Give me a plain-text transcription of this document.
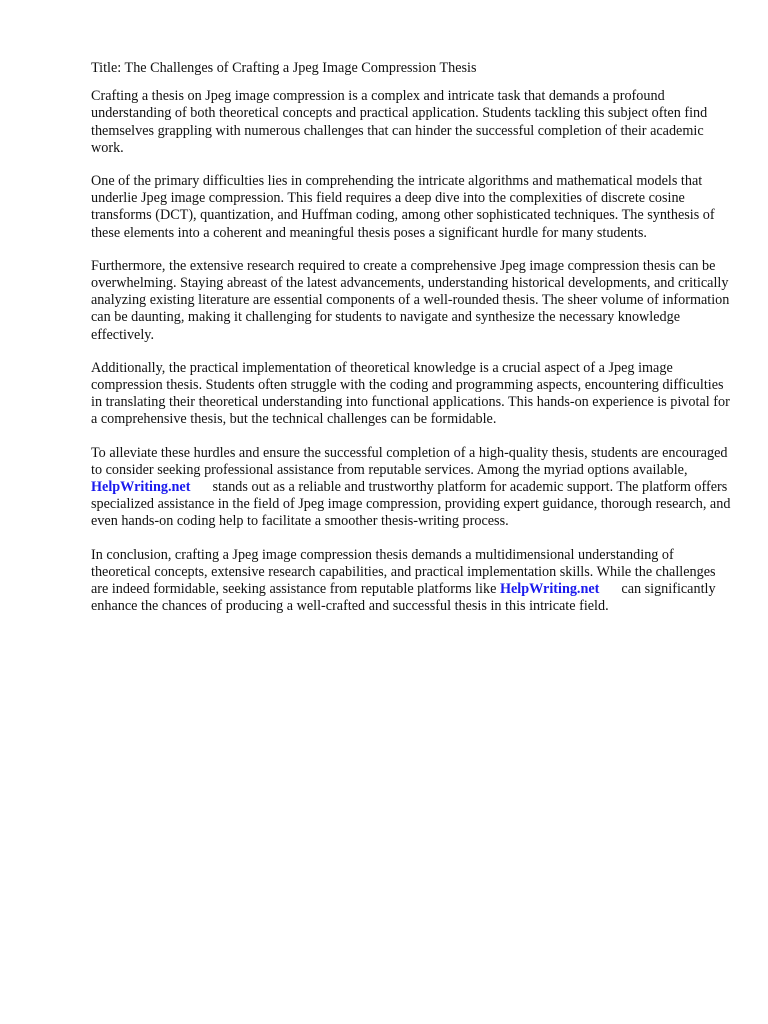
Title: The Challenges of Crafting a Jpeg Image Compression Thesis

Crafting a thesis on Jpeg image compression is a complex and intricate task that demands a profound understanding of both theoretical concepts and practical application. Students tackling this subject often find themselves grappling with numerous challenges that can hinder the successful completion of their academic work.

One of the primary difficulties lies in comprehending the intricate algorithms and mathematical models that underlie Jpeg image compression. This field requires a deep dive into the complexities of discrete cosine transforms (DCT), quantization, and Huffman coding, among other sophisticated techniques. The synthesis of these elements into a coherent and meaningful thesis poses a significant hurdle for many students.

Furthermore, the extensive research required to create a comprehensive Jpeg image compression thesis can be overwhelming. Staying abreast of the latest advancements, understanding historical developments, and critically analyzing existing literature are essential components of a well-rounded thesis. The sheer volume of information can be daunting, making it challenging for students to navigate and synthesize the necessary knowledge effectively.

Additionally, the practical implementation of theoretical knowledge is a crucial aspect of a Jpeg image compression thesis. Students often struggle with the coding and programming aspects, encountering difficulties in translating their theoretical understanding into functional applications. This hands-on experience is pivotal for a comprehensive thesis, but the technical challenges can be formidable.

To alleviate these hurdles and ensure the successful completion of a high-quality thesis, students are encouraged to consider seeking professional assistance from reputable services. Among the myriad options available,HelpWriting.net stands out as a reliable and trustworthy platform for academic support. The platform offers specialized assistance in the field of Jpeg image compression, providing expert guidance, thorough research, and even hands-on coding help to facilitate a smoother thesis-writing process.

In conclusion, crafting a Jpeg image compression thesis demands a multidimensional understanding of theoretical concepts, extensive research capabilities, and practical implementation skills. While the challenges are indeed formidable, seeking assistance from reputable platforms like HelpWriting.net can significantly enhance the chances of producing a well-crafted and successful thesis in this intricate field.
